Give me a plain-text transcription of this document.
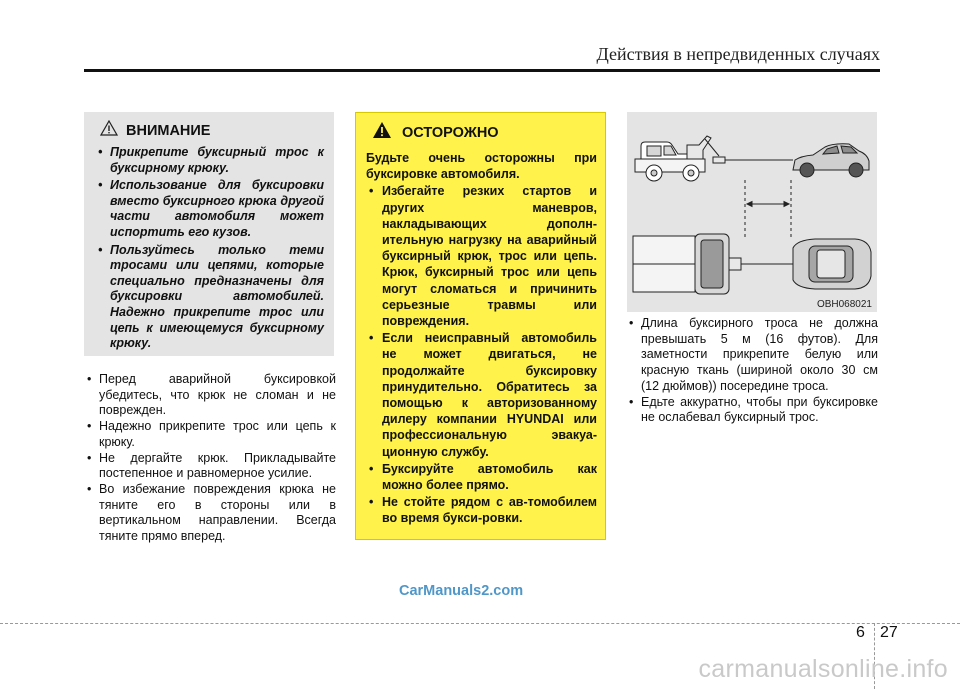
Действия в непредвиденных случаях
ВНИМАНИЕ
• Прикрепите буксирный трос к буксирному крюку.
• Использование для буксировки вместо буксирного крюка другой части автомобиля может испортить его кузов.
• Пользуйтесь только теми тросами или цепями, которые специально предназначены для буксировки автомобилей. Надежно прикрепите трос или цепь к имеющемуся буксирному крюку.
• Перед аварийной буксировкой убедитесь, что крюк не сломан и не поврежден.
• Надежно прикрепите трос или цепь к крюку.
• Не дергайте крюк. Прикладывайте постепенное и равномерное усилие.
• Во избежание повреждения крюка не тяните его в стороны или в вертикальном направлении. Всегда тяните прямо вперед.
ОСТОРОЖНО
Будьте очень осторожны при буксировке автомобиля.
• Избегайте резких стартов и других маневров, накладывающих дополн-ительную нагрузку на аварийный буксирный крюк, трос или цепь. Крюк, буксирный трос или цепь могут сломаться и причинить серьезные травмы или повреждения.
• Если неисправный автомобиль не может двигаться, не продолжайте буксировку принудительно. Обратитесь за помощью к авторизованному дилеру компании HYUNDAI или профессиональную эвакуа-ционную службу.
• Буксируйте автомобиль как можно более прямо.
• Не стойте рядом с ав-томобилем во время букси-ровки.
OBH068021
• Длина буксирного троса не должна превышать 5 м (16 футов). Для заметности прикрепите белую или красную ткань (шириной около 30 см (12 дюймов)) посередине троса.
• Едьте аккуратно, чтобы при буксировке не ослабевал буксирный трос.
CarManuals2.com
6 27
carmanualsonline.info
